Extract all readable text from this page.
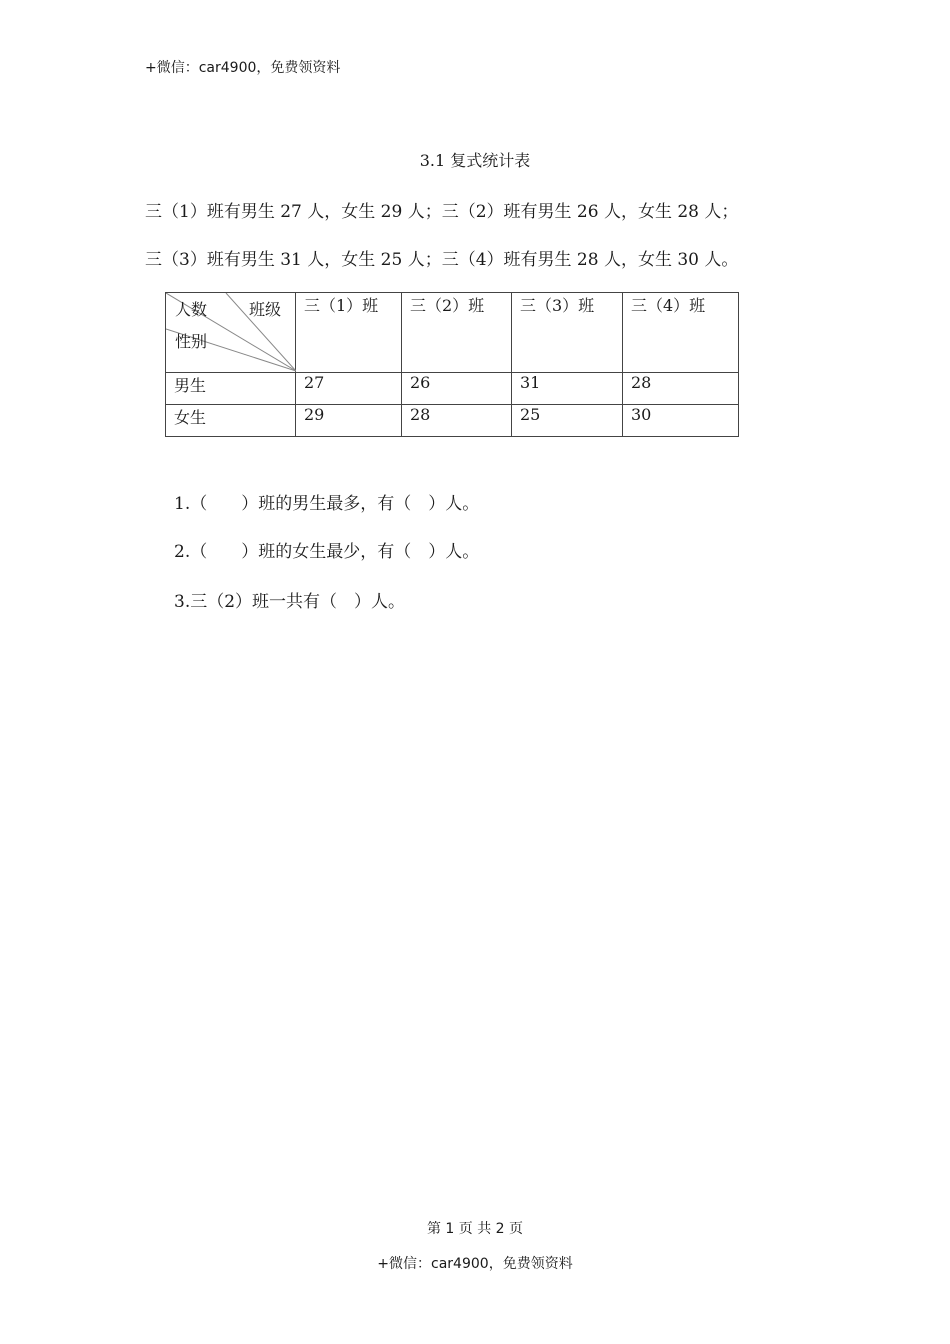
+微信：car4900，免费领资料
3.1 复式统计表
三（1）班有男生 27 人，女生 29 人；三（2）班有男生 26 人，女生 28 人；
三（3）班有男生 31 人，女生 25 人；三（4）班有男生 28 人，女生 30 人。
人数 班级
性别	三（1）班	三（2）班	三（3）班	三（4）班
男生	27	26	31	28
女生	29	28	25	30
1.（　　）班的男生最多，有（　）人。
2.（　　）班的女生最少，有（　）人。
3.三（2）班一共有（　）人。
第 1 页 共 2 页
+微信：car4900，免费领资料
